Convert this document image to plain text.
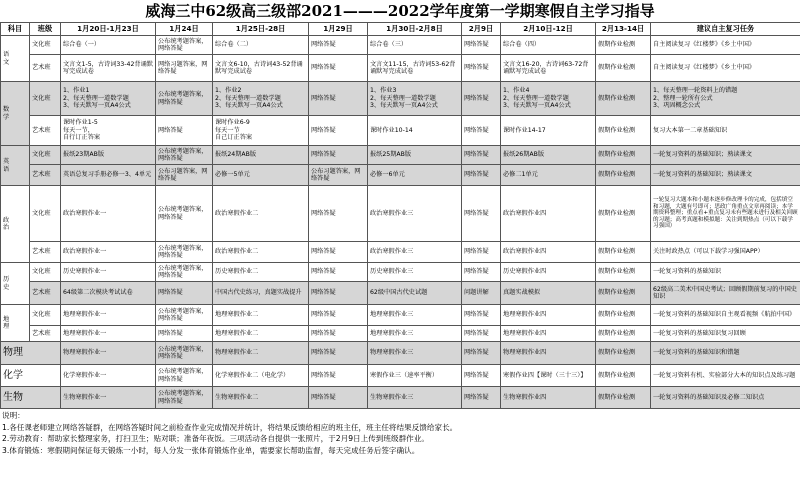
威海三中62级高三级部2021———2022学年度第一学期寒假自主学习指导
科目	班级	1月20日-1月23日	1月24日	1月25日-28日	1月29日	1月30日-2月8日	2月9日	2月10日-12日	2月13-14日	建议自主复习任务
语
文	文化班	综合卷（一）	公布统考题答案，网络答疑	综合卷（二）	网络答疑	综合卷（三）	网络答疑	综合卷（四）	假期作业检测	自主阅读复习《红楼梦》《乡土中国》
	艺术班	文言文1-5，古诗词33-42背诵默写完成试卷	网络习题答案，网络答疑	文言文6-10，古诗词43-52背诵默写完成试卷	网络答疑	文言文11-15，古诗词53-62背诵默写完成试卷	网络答疑	文言文16-20，古诗词63-72背诵默写完成试卷	假期作业检测	自主阅读复习《红楼梦》《乡土中国》
数
学	文化班	1、作业1
2、每天整理一道数学题
3、每天默写一页A4公式	公布统考题答案，网络答疑	1、作业2
2、每天整理一道数学题
3、每天默写一页A4公式	网络答疑	1、作业3
2、每天整理一道数学题
3、每天默写一页A4公式	网络答疑	1、作业4
2、每天整理一道数学题
3、每天默写一页A4公式	假期作业检测	1、每天整理一轮资料上的错题
2、整理一轮所有公式
3、巩固概念公式
	艺术班	课时作业1-5
每天一节，
自行订正答案	网络答疑	课时作业6-9
每天一节
自己订正答案	网络答疑	课时作业10-14	网络答疑	课时作业14-17	假期作业检测	复习大本第一二章基础知识
英
语	文化班	报纸23期AB版	公布统考题答案，网络答疑	报纸24期AB版	网络答疑	报纸25期AB版	网络答疑	报纸26期AB版	假期作业检测	一轮复习资料的基础知识；熟读课文
	艺术班	英语总复习手册必修一3、4单元	公布习题答案，网络答疑	必修一5单元	公布习题答案，网络答疑	必修一6单元	网络答疑	必修二1单元	假期作业检测	一轮复习资料的基础知识；熟读课文
政
治	文化班	政治寒假作业一	公布统考题答案，网络答疑	政治寒假作业二	网络答疑	政治寒假作业三	网络答疑	政治寒假作业四	假期作业检测	一轮复习大题本和小题本逐步修改理卡的完成，包括填空和习题，大题有号即可；思政广角重点文章再阅读；本学期资料整理；重点看+重点复习未有些题未进行及相关回顾的习题；高考真题和模拟题：关注到期热点（可以下载学习强国）
	艺术班	政治寒假作业一	公布统考题答案，网络答疑	政治寒假作业二	网络答疑	政治寒假作业三	网络答疑	政治寒假作业四	假期作业检测	关注时政热点（可以下载学习强国APP）
历
史	文化班	历史寒假作业一	公布统考题答案，网络答疑	历史寒假作业二	网络答疑	历史寒假作业三	网络答疑	历史寒假作业四	假期作业检测	一轮复习资料的基础知识
	艺术班	64级第二次模块考试试卷	网络答疑	中国古代史练习，真题实战提升	网络答疑	62级中国古代史试题	问题讲解	真题实战模拟	假期作业检测	62级高二美术中国史考试；回顾假期前复习的中国史知识
地
理	文化班	地理寒假作业一	公布统考题答案，网络答疑	地理寒假作业二	网络答疑	地理寒假作业三	网络答疑	地理寒假作业四	假期作业检测	一轮复习资料的基础知识自主观看视频《航拍中国》
	艺术班	地理寒假作业一	网络答疑	地理寒假作业二	网络答疑	地理寒假作业三	网络答疑	地理寒假作业四	假期作业检测	一轮复习资料的基础知识复习回顾
物理		物理寒假作业一	公布统考题答案，网络答疑	物理寒假作业二	网络答疑	物理寒假作业三	网络答疑	物理寒假作业四	假期作业检测	一轮复习资料的基础知识和错题
化学		化学寒假作业一	公布统考题答案，网络答疑	化学寒假作业二（电化学）	网络答疑	寒假作业三（速率平衡）	网络答疑	寒假作业四【课时（三十三）】	假期作业检测	一轮复习资料有机、实验部分大本的知识点及练习题
生物		生物寒假作业一	公布统考题答案，网络答疑	生物寒假作业二	网络答疑	生物寒假作业三	网络答疑	生物寒假作业四	假期作业检测	一轮复习资料的基础知识及必修二知识点
说明：
1.各任课老师建立网络答疑群，在网络答疑时间之前检查作业完成情况并统计，将结果反馈给相应的班主任，班主任将结果反馈给家长。
2.劳动教育：帮助家长整理家务，打扫卫生；贴对联；准备年夜饭。三项活动各自提供一张照片，于2月9日上传到班级群作业。
3.体育锻炼：寒假期间保证每天锻炼一小时，每人分发一张体育锻炼作业单，需要家长帮助监督，每天完成任务后签字确认。
